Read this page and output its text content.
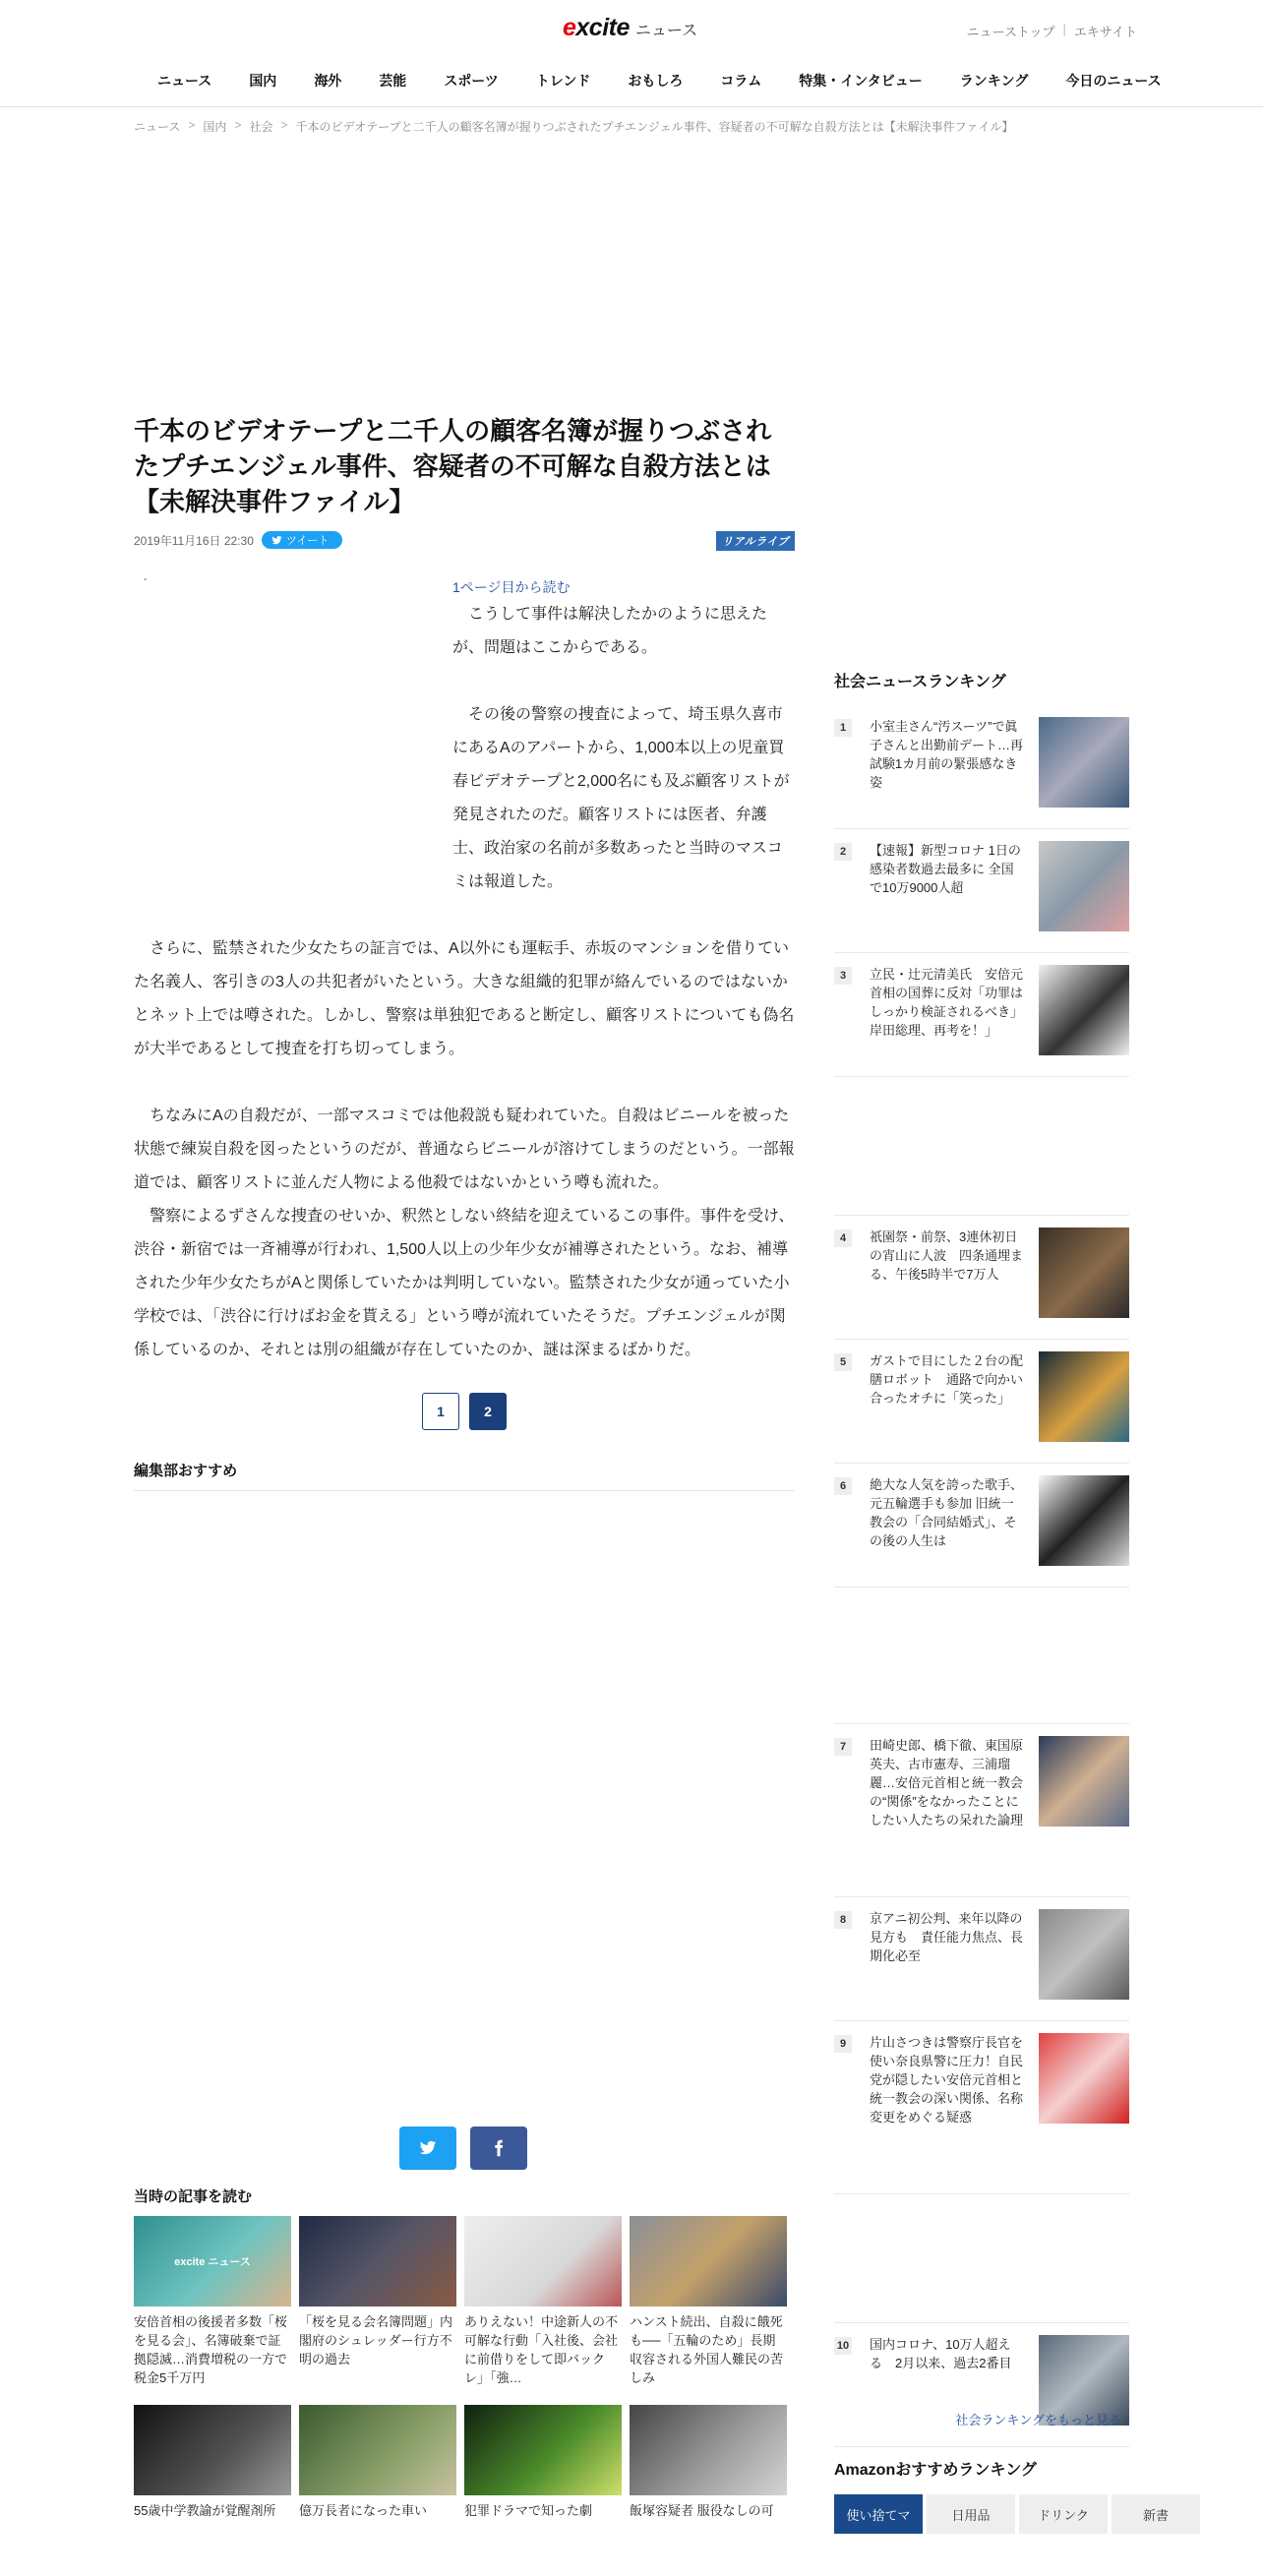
excite ニュース	ニューストップ | エキサイト
ニュース	国内	海外	芸能	スポーツ	トレンド	おもしろ	コラム	特集・インタビュー	ランキング	今日のニュース
ニュース > 国内 > 社会 > 千本のビデオテープと二千人の顧客名簿が握りつぶされたプチエンジェル事件、容疑者の不可解な自殺方法とは【未解決事件ファイル】
千本のビデオテープと二千人の顧客名簿が握りつぶされたプチエンジェル事件、容疑者の不可解な自殺方法とは【未解決事件ファイル】
2019年11月16日 22:30	ツイート	リアルライブ
´	1ページ目から読む

こうして事件は解決したかのように思えたが、問題はここからである。

その後の警察の捜査によって、埼玉県久喜市にあるAのアパートから、1,000本以上の児童買春ビデオテープと2,000名にも及ぶ顧客リストが発見されたのだ。顧客リストには医者、弁護士、政治家の名前が多数あったと当時のマスコミは報道した。

さらに、監禁された少女たちの証言では、A以外にも運転手、赤坂のマンションを借りていた名義人、客引きの3人の共犯者がいたという。大きな組織的犯罪が絡んでいるのではないかとネット上では噂された。しかし、警察は単独犯であると断定し、顧客リストについても偽名が大半であるとして捜査を打ち切ってしまう。

ちなみにAの自殺だが、一部マスコミでは他殺説も疑われていた。自殺はビニールを被った状態で練炭自殺を図ったというのだが、普通ならビニールが溶けてしまうのだという。一部報道では、顧客リストに並んだ人物による他殺ではないかという噂も流れた。

警察によるずさんな捜査のせいか、釈然としない終結を迎えているこの事件。事件を受け、渋谷・新宿では一斉補導が行われ、1,500人以上の少年少女が補導されたという。なお、補導された少年少女たちがAと関係していたかは判明していない。監禁された少女が通っていた小学校では、「渋谷に行けばお金を貰える」という噂が流れていたそうだ。プチエンジェルが関係しているのか、それとは別の組織が存在していたのか、謎は深まるばかりだ。

1	2
編集部おすすめ
当時の記事を読む
excite ニュース
安倍首相の後援者多数「桜を見る会」、名簿破棄で証拠隠滅…消費増税の一方で税金5千万円
「桜を見る会名簿問題」内閣府のシュレッダー行方不明の過去
ありえない！中途新人の不可解な行動「入社後、会社に前借りをして即バックレ」「強…
ハンスト続出、自殺に餓死も──「五輪のため」長期収容される外国人難民の苦しみ
55歳中学教諭が覚醒剤所	億万長者になった車い	犯罪ドラマで知った劇	飯塚容疑者 服役なしの可
社会ニュースランキング
1	小室圭さん“汚スーツ”で眞子さんと出勤前デート…再試験1カ月前の緊張感なき姿
2	【速報】新型コロナ 1日の感染者数過去最多に 全国で10万9000人超
3	立民・辻元清美氏　安倍元首相の国葬に反対「功罪はしっかり検証されるべき」岸田総理、再考を！」
4	祇園祭・前祭、3連休初日の宵山に人波　四条通埋まる、午後5時半で7万人
5	ガストで目にした２台の配膳ロボット　通路で向かい合ったオチに「笑った」
6	絶大な人気を誇った歌手、元五輪選手も参加 旧統一教会の「合同結婚式」、その後の人生は
7	田崎史郎、橋下徹、東国原英夫、古市憲寿、三浦瑠麗…安倍元首相と統一教会の“関係”をなかったことにしたい人たちの呆れた論理
8	京アニ初公判、来年以降の見方も　責任能力焦点、長期化必至
9	片山さつきは警察庁長官を使い奈良県警に圧力！自民党が隠したい安倍元首相と統一教会の深い関係、名称変更をめぐる疑惑
10 国内コロナ、10万人超える　2月以来、過去2番目
社会ランキングをもっと見る ›
Amazonおすすめランキング
使い捨てマ	日用品	ドリンク	新書
